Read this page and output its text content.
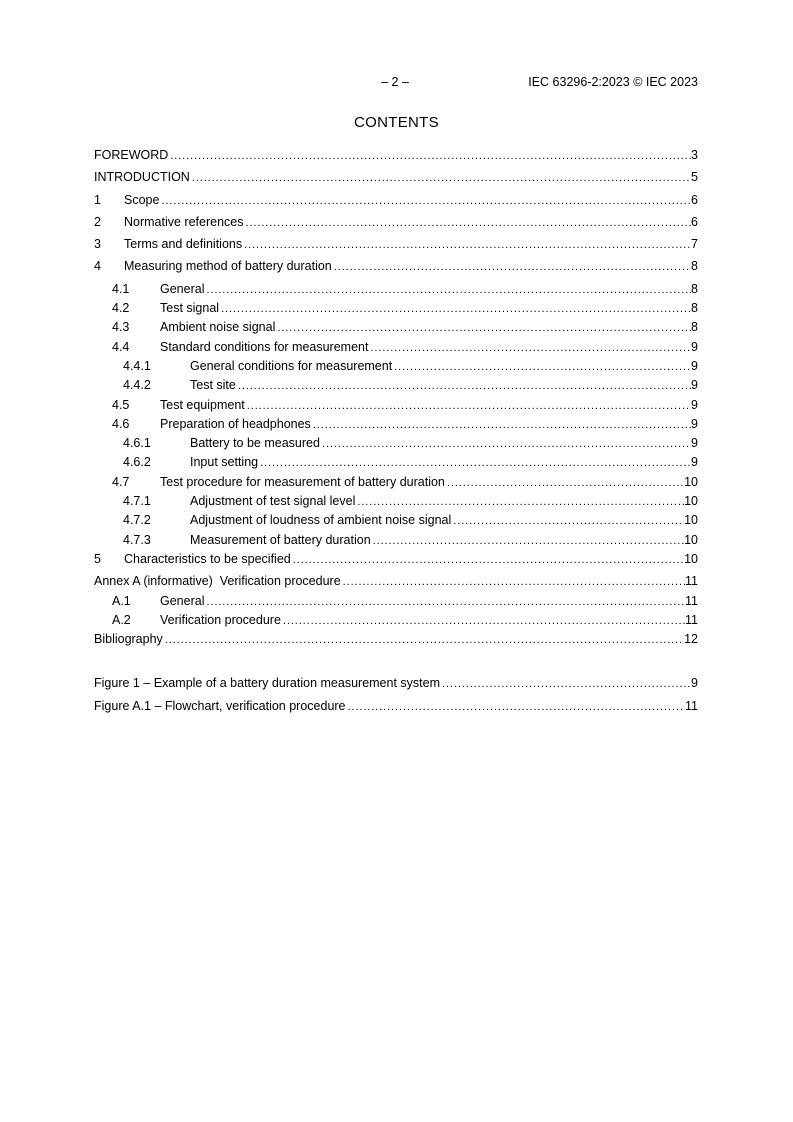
– 2 –	IEC 63296-2:2023 © IEC 2023
CONTENTS
FOREWORD .....	3
INTRODUCTION .....	5
1	Scope .....	6
2	Normative references .....	6
3	Terms and definitions .....	7
4	Measuring method of battery duration .....	8
4.1	General .....	8
4.2	Test signal .....	8
4.3	Ambient noise signal .....	8
4.4	Standard conditions for measurement .....	9
4.4.1	General conditions for measurement .....	9
4.4.2	Test site .....	9
4.5	Test equipment .....	9
4.6	Preparation of headphones .....	9
4.6.1	Battery to be measured .....	9
4.6.2	Input setting .....	9
4.7	Test procedure for measurement of battery duration .....	10
4.7.1	Adjustment of test signal level .....	10
4.7.2	Adjustment of loudness of ambient noise signal .....	10
4.7.3	Measurement of battery duration .....	10
5	Characteristics to be specified .....	10
Annex A (informative)  Verification procedure .....	11
A.1	General .....	11
A.2	Verification procedure .....	11
Bibliography .....	12
Figure 1 – Example of a battery duration measurement system .....	9
Figure A.1 – Flowchart, verification procedure .....	11
